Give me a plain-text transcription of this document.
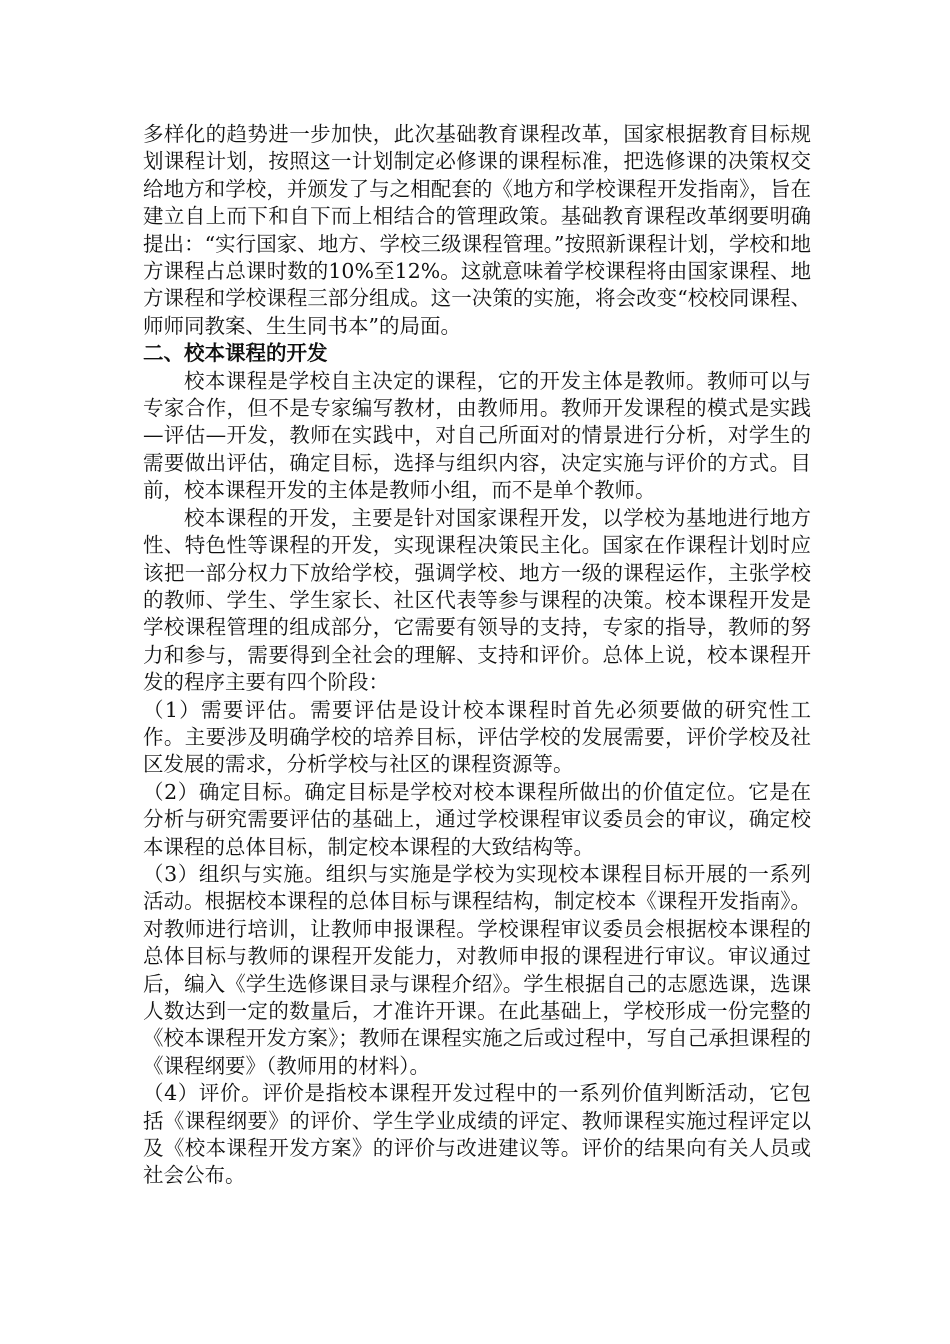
多样化的趋势进一步加快，此次基础教育课程改革，国家根据教育目标规划课程计划，按照这一计划制定必修课的课程标准，把选修课的决策权交给地方和学校，并颁发了与之相配套的《地方和学校课程开发指南》，旨在建立自上而下和自下而上相结合的管理政策。基础教育课程改革纲要明确提出：“实行国家、地方、学校三级课程管理。”按照新课程计划，学校和地方课程占总课时数的10%至12%。这就意味着学校课程将由国家课程、地方课程和学校课程三部分组成。这一决策的实施，将会改变“校校同课程、师师同教案、生生同书本”的局面。

二、校本课程的开发

校本课程是学校自主决定的课程，它的开发主体是教师。教师可以与专家合作，但不是专家编写教材，由教师用。教师开发课程的模式是实践—评估—开发，教师在实践中，对自己所面对的情景进行分析，对学生的需要做出评估，确定目标，选择与组织内容，决定实施与评价的方式。目前，校本课程开发的主体是教师小组，而不是单个教师。

校本课程的开发，主要是针对国家课程开发，以学校为基地进行地方性、特色性等课程的开发，实现课程决策民主化。国家在作课程计划时应该把一部分权力下放给学校，强调学校、地方一级的课程运作，主张学校的教师、学生、学生家长、社区代表等参与课程的决策。校本课程开发是学校课程管理的组成部分，它需要有领导的支持，专家的指导，教师的努力和参与，需要得到全社会的理解、支持和评价。总体上说，校本课程开发的程序主要有四个阶段：

（1）需要评估。需要评估是设计校本课程时首先必须要做的研究性工作。主要涉及明确学校的培养目标，评估学校的发展需要，评价学校及社区发展的需求，分析学校与社区的课程资源等。

（2）确定目标。确定目标是学校对校本课程所做出的价值定位。它是在分析与研究需要评估的基础上，通过学校课程审议委员会的审议，确定校本课程的总体目标，制定校本课程的大致结构等。

（3）组织与实施。组织与实施是学校为实现校本课程目标开展的一系列活动。根据校本课程的总体目标与课程结构，制定校本《课程开发指南》。对教师进行培训，让教师申报课程。学校课程审议委员会根据校本课程的总体目标与教师的课程开发能力，对教师申报的课程进行审议。审议通过后，编入《学生选修课目录与课程介绍》。学生根据自己的志愿选课，选课人数达到一定的数量后，才准许开课。在此基础上，学校形成一份完整的《校本课程开发方案》；教师在课程实施之后或过程中，写自己承担课程的《课程纲要》（教师用的材料）。

（4）评价。评价是指校本课程开发过程中的一系列价值判断活动，它包括《课程纲要》的评价、学生学业成绩的评定、教师课程实施过程评定以及《校本课程开发方案》的评价与改进建议等。评价的结果向有关人员或社会公布。
